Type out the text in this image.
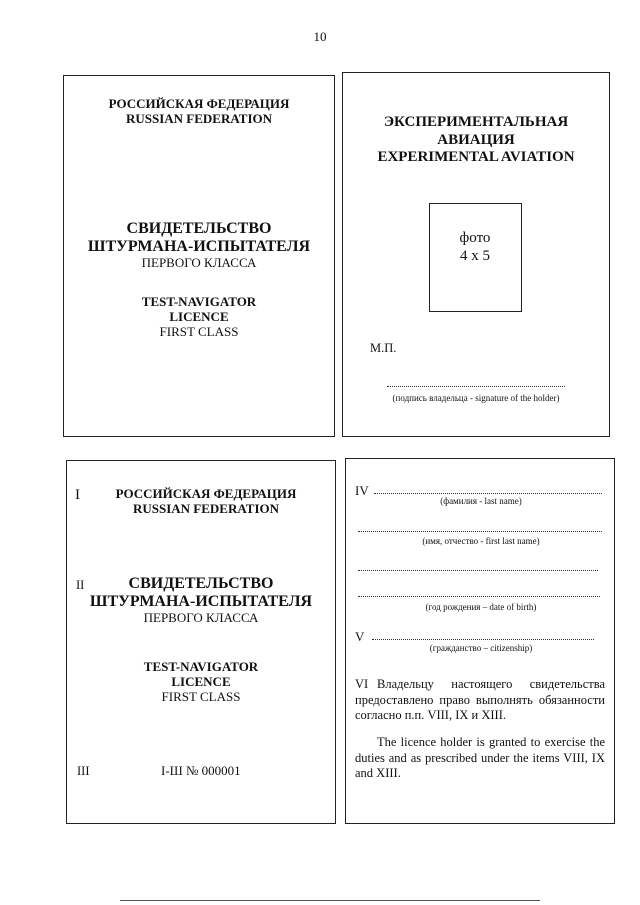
10
РОССИЙСКАЯ ФЕДЕРАЦИЯ
RUSSIAN FEDERATION
СВИДЕТЕЛЬСТВО
ШТУРМАНА-ИСПЫТАТЕЛЯ
ПЕРВОГО КЛАССА
TEST-NAVIGATOR
LICENCE
FIRST CLASS
ЭКСПЕРИМЕНТАЛЬНАЯ
АВИАЦИЯ
EXPERIMENTAL AVIATION
фото
4 x 5
М.П.
(подпись владельца - signature of the holder)
I	РОССИЙСКАЯ ФЕДЕРАЦИЯ
RUSSIAN FEDERATION
II	СВИДЕТЕЛЬСТВО
ШТУРМАНА-ИСПЫТАТЕЛЯ
ПЕРВОГО КЛАССА
TEST-NAVIGATOR
LICENCE
FIRST CLASS
III	I-Ш № 000001
IV
(фамилия - last name)
(имя, отчество - first last name)
(год рождения – date of birth)
V
(гражданство – citizenship)
VI Владельцу настоящего свидетельства предоставлено право выполнять обязанности согласно п.п. VIII, IX и XIII.
The licence holder is granted to exercise the duties and as prescribed under the items VIII, IX and XIII.
